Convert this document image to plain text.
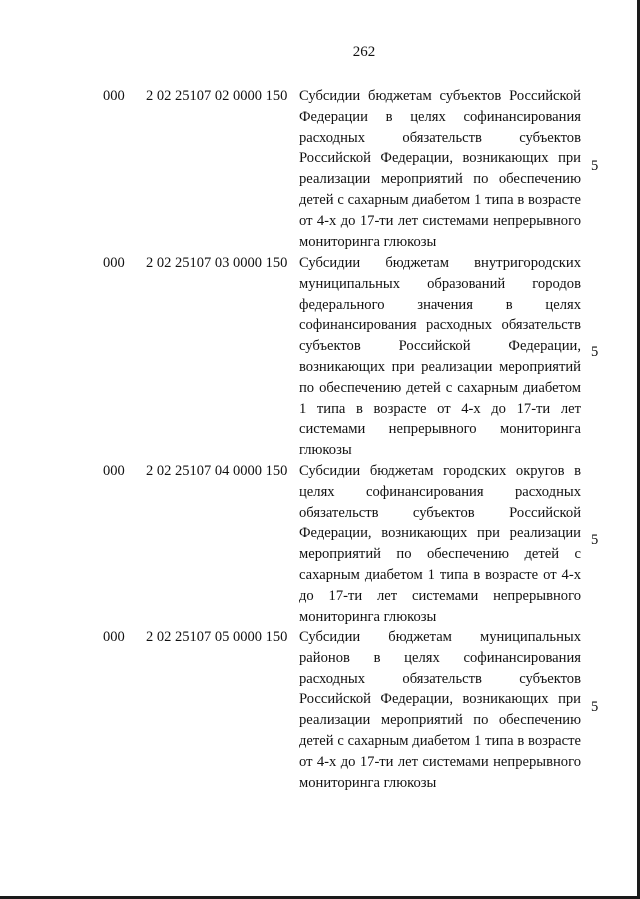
262
000	2 02 25107 02 0000 150 Субсидии бюджетам субъектов Российской Федерации в целях софинансирования расходных обязательств субъектов Российской Федерации, возникающих при реализации мероприятий по обеспечению детей с сахарным диабетом 1 типа в возрасте от 4-х до 17-ти лет системами непрерывного мониторинга глюкозы
5
000	2 02 25107 03 0000 150 Субсидии бюджетам внутригородских муниципальных образований городов федерального значения в целях софинансирования расходных обязательств субъектов Российской Федерации, возникающих при реализации мероприятий по обеспечению детей с сахарным диабетом 1 типа в возрасте от 4-х до 17-ти лет системами непрерывного мониторинга глюкозы
5
000	2 02 25107 04 0000 150 Субсидии бюджетам городских округов в целях софинансирования расходных обязательств субъектов Российской Федерации, возникающих при реализации мероприятий по обеспечению детей с сахарным диабетом 1 типа в возрасте от 4-х до 17-ти лет системами непрерывного мониторинга глюкозы
5
000	2 02 25107 05 0000 150 Субсидии бюджетам муниципальных районов в целях софинансирования расходных обязательств субъектов Российской Федерации, возникающих при реализации мероприятий по обеспечению детей с сахарным диабетом 1 типа в возрасте от 4-х до 17-ти лет системами непрерывного мониторинга глюкозы
5
